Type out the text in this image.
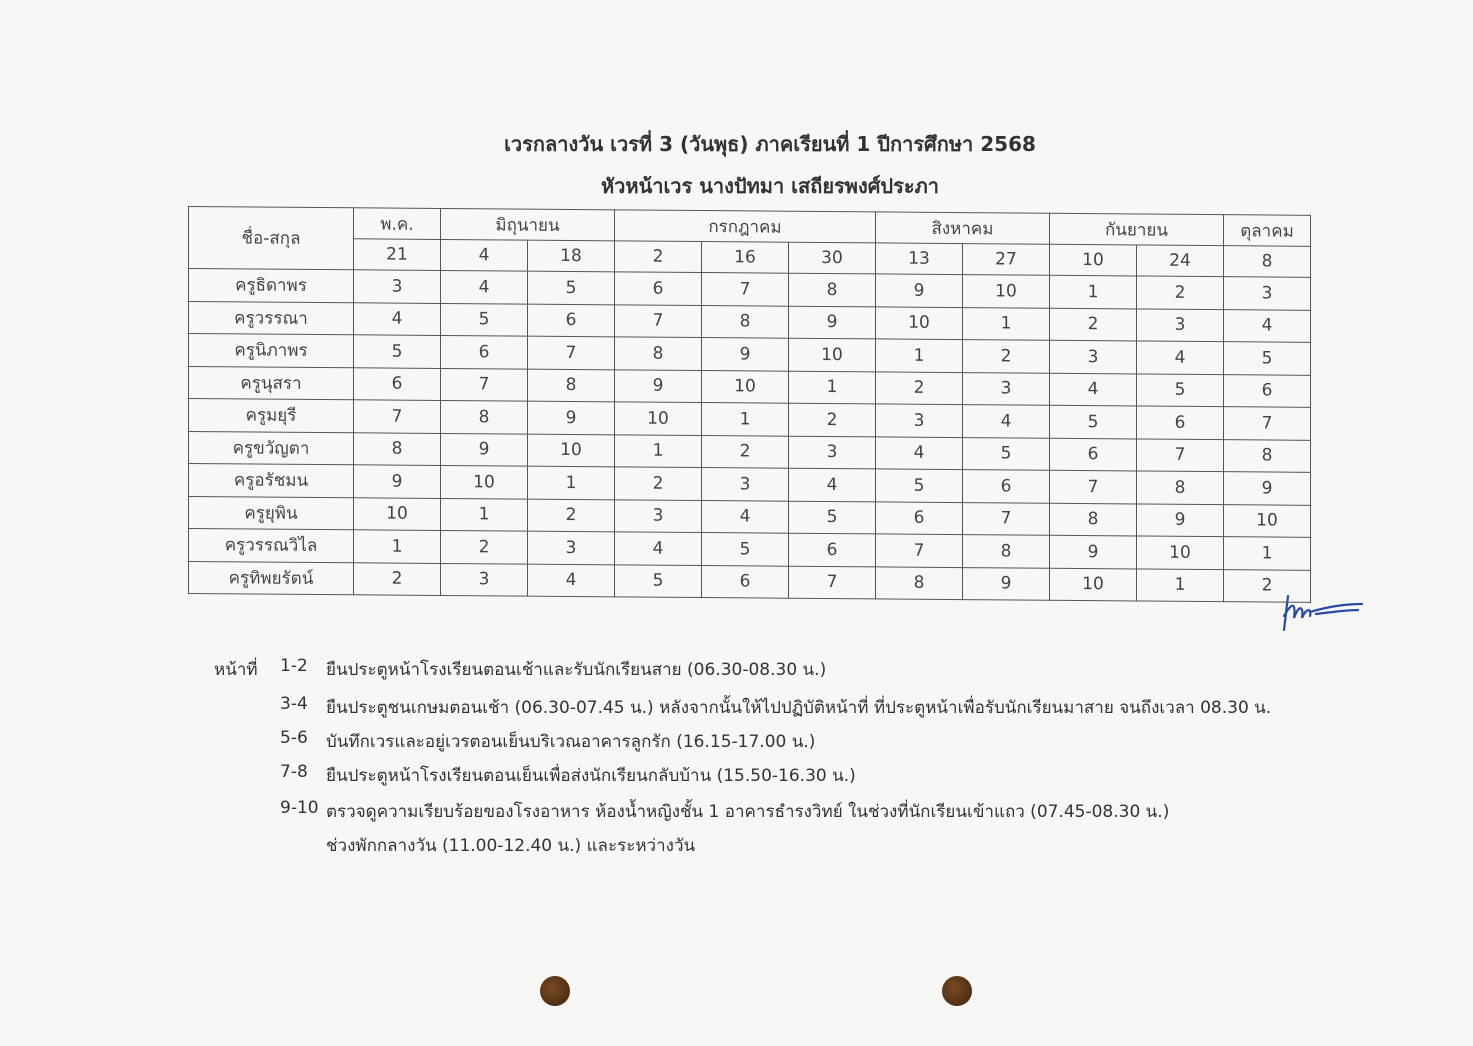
เวรกลางวัน เวรที่ 3 (วันพุธ) ภาคเรียนที่ 1 ปีการศึกษา 2568
หัวหน้าเวร นางปัทมา เสถียรพงศ์ประภา
ชื่อ-สกุล	พ.ค.	มิถุนายน		กรกฎาคม			สิงหาคม		กันยายน		ตุลาคม
	21	4	18	2	16	30	13	27	10	24	8
ครูธิดาพร	3	4	5	6	7	8	9	10	1	2	3
ครูวรรณา	4	5	6	7	8	9	10	1	2	3	4
ครูนิภาพร	5	6	7	8	9	10	1	2	3	4	5
ครูนุสรา	6	7	8	9	10	1	2	3	4	5	6
ครูมยุรี	7	8	9	10	1	2	3	4	5	6	7
ครูขวัญตา	8	9	10	1	2	3	4	5	6	7	8
ครูอรัชมน	9	10	1	2	3	4	5	6	7	8	9
ครูยุพิน	10	1	2	3	4	5	6	7	8	9	10
ครูวรรณวิไล	1	2	3	4	5	6	7	8	9	10	1
ครูทิพยรัตน์	2	3	4	5	6	7	8	9	10	1	2
หน้าที่	1-2 ยืนประตูหน้าโรงเรียนตอนเช้าและรับนักเรียนสาย (06.30-08.30 น.)
3-4 ยืนประตูชนเกษมตอนเช้า (06.30-07.45 น.) หลังจากนั้นให้ไปปฏิบัติหน้าที่ ที่ประตูหน้าเพื่อรับนักเรียนมาสาย จนถึงเวลา 08.30 น.
5-6 บันทึกเวรและอยู่เวรตอนเย็นบริเวณอาคารลูกรัก (16.15-17.00 น.)
7-8 ยืนประตูหน้าโรงเรียนตอนเย็นเพื่อส่งนักเรียนกลับบ้าน (15.50-16.30 น.)
9-10 ตรวจดูความเรียบร้อยของโรงอาหาร ห้องน้ำหญิงชั้น 1 อาคารธำรงวิทย์ ในช่วงที่นักเรียนเข้าแถว (07.45-08.30 น.)
ช่วงพักกลางวัน (11.00-12.40 น.) และระหว่างวัน
